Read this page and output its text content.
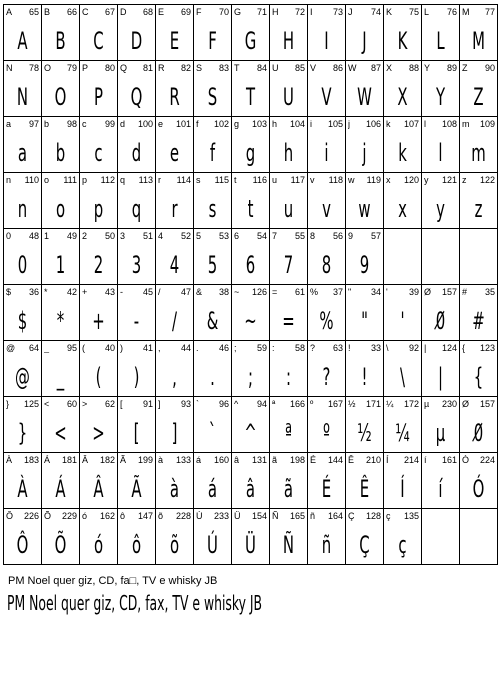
A 65
A
B 66
B
C 67
C
D 68
D
E 69
E
F 70
F
G 71
G
H 72
H
I 73
I
J 74
J
K 75
K
L 76
L
M 77
M
N 78
N
O 79
O
P 80
P
Q 81
Q
R 82
R
S 83
S
T 84
T
U 85
U
V 86
V
W 87
W
X 88
X
Y 89
Y
Z 90
Z
a 97
a
b 98
b
c 99
c
d 100
d
e 101
e
f 102
f
g 103
g
h 104
h
i 105
i
j 106
j
k 107
k
l 108
l
m 109
m
n 110
n
o 111
o
p 112
p
q 113
q
r 114
r
s 115
s
t 116
t
u 117
u
v 118
v
w 119
w
x 120
x
y 121
y
z 122
z
0 48
0
1 49
1
2 50
2
3 51
3
4 52
4
5 53
5
6 54
6
7 55
7
8 56
8
9 57
9
$ 36
$
* 42
*
+ 43
+
- 45
-
/ 47
/
& 38
&
~ 126
~
= 61
=
% 37
%
" 34
"
' 39
'
Ø 157
0̸
# 35
#
@ 64
@
_ 95
_
( 40
(
) 41
)
, 44
,
. 46
.
; 59
;
: 58
:
? 63
?
! 33
!
\ 92
\
| 124
|
{ 123
{
} 125
}
< 60
<
> 62
>
[ 91
[
] 93
]
` 96
`
^ 94
^
ª 166
ª
º 167
º
½ 171
½
¼ 172
¼
µ 230
µ
Ø 157
0̸
À 183
À
Á 181
Á
Â 182
Â
Ã 199
Ã
à 133
à
á 160
á
â 131
â
ã 198
ã
É 144
É
Ê 210
Ê
Í 214
Í
í 161
í
Ó 224
Ó
Ô 226
Ô
Õ 229
Õ
ó 162
ó
ô 147
ô
õ 228
õ
Ú 233
Ú
Ü 154
Ü
Ñ 165
Ñ
ñ 164
ñ
Ç 128
Ç
ç 135
ç
PM Noel quer giz, CD, fa□, TV e whisky JB
PM Noel quer giz, CD, fax, TV e whisky JB
